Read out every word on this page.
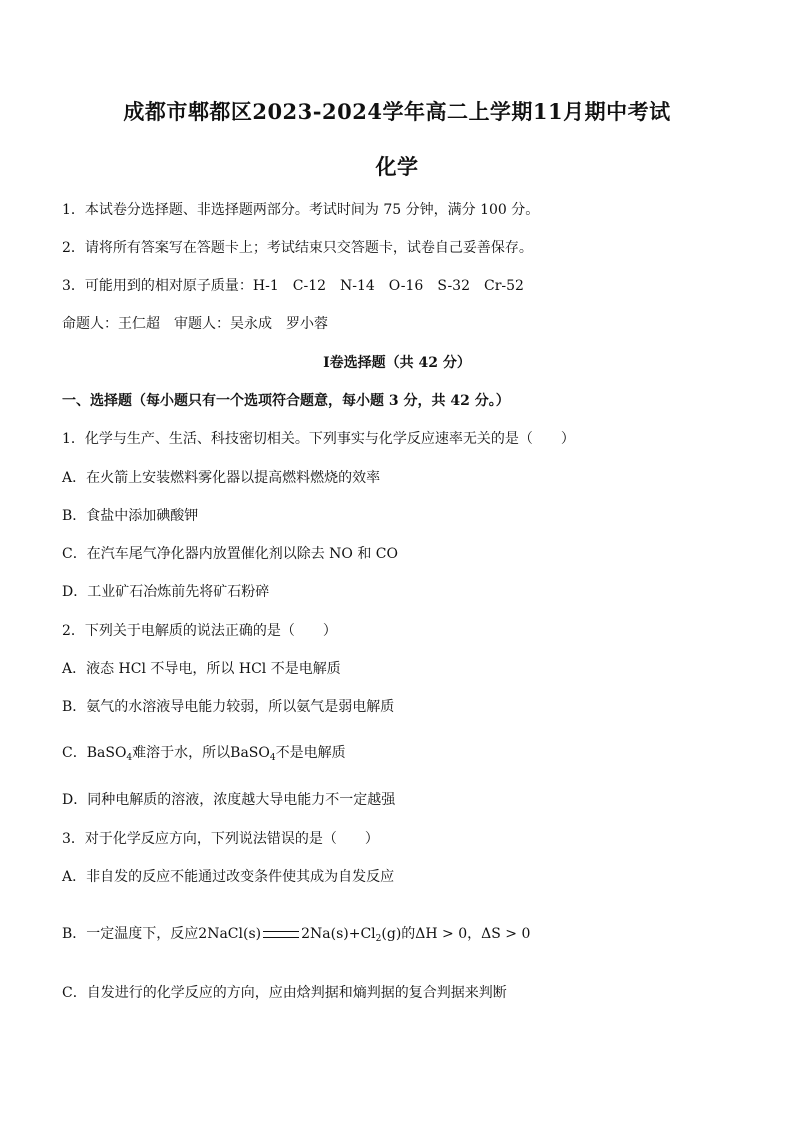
成都市郫都区2023-2024学年高二上学期11月期中考试
化学
1．本试卷分选择题、非选择题两部分。考试时间为 75 分钟，满分 100 分。
2．请将所有答案写在答题卡上；考试结束只交答题卡，试卷自己妥善保存。
3．可能用到的相对原子质量：H-1　C-12　N-14　O-16　S-32　Cr-52
命题人：王仁超　审题人：吴永成　罗小蓉
Ⅰ卷选择题（共 42 分）
一、选择题（每小题只有一个选项符合题意，每小题 3 分，共 42 分。）
1．化学与生产、生活、科技密切相关。下列事实与化学反应速率无关的是（　　）
A．在火箭上安装燃料雾化器以提高燃料燃烧的效率
B．食盐中添加碘酸钾
C．在汽车尾气净化器内放置催化剂以除去 NO 和 CO
D．工业矿石冶炼前先将矿石粉碎
2．下列关于电解质的说法正确的是（　　）
A．液态 HCl 不导电，所以 HCl 不是电解质
B．氨气的水溶液导电能力较弱，所以氨气是弱电解质
C．BaSO$_4$难溶于水，所以BaSO$_4$不是电解质
D．同种电解质的溶液，浓度越大导电能力不一定越强
3．对于化学反应方向，下列说法错误的是（　　）
A．非自发的反应不能通过改变条件使其成为自发反应
B．一定温度下，反应2NaCl(s)	$2Na(s)+Cl_2(g)$的ΔH > 0，ΔS > 0
C．自发进行的化学反应的方向，应由焓判据和熵判据的复合判据来判断
